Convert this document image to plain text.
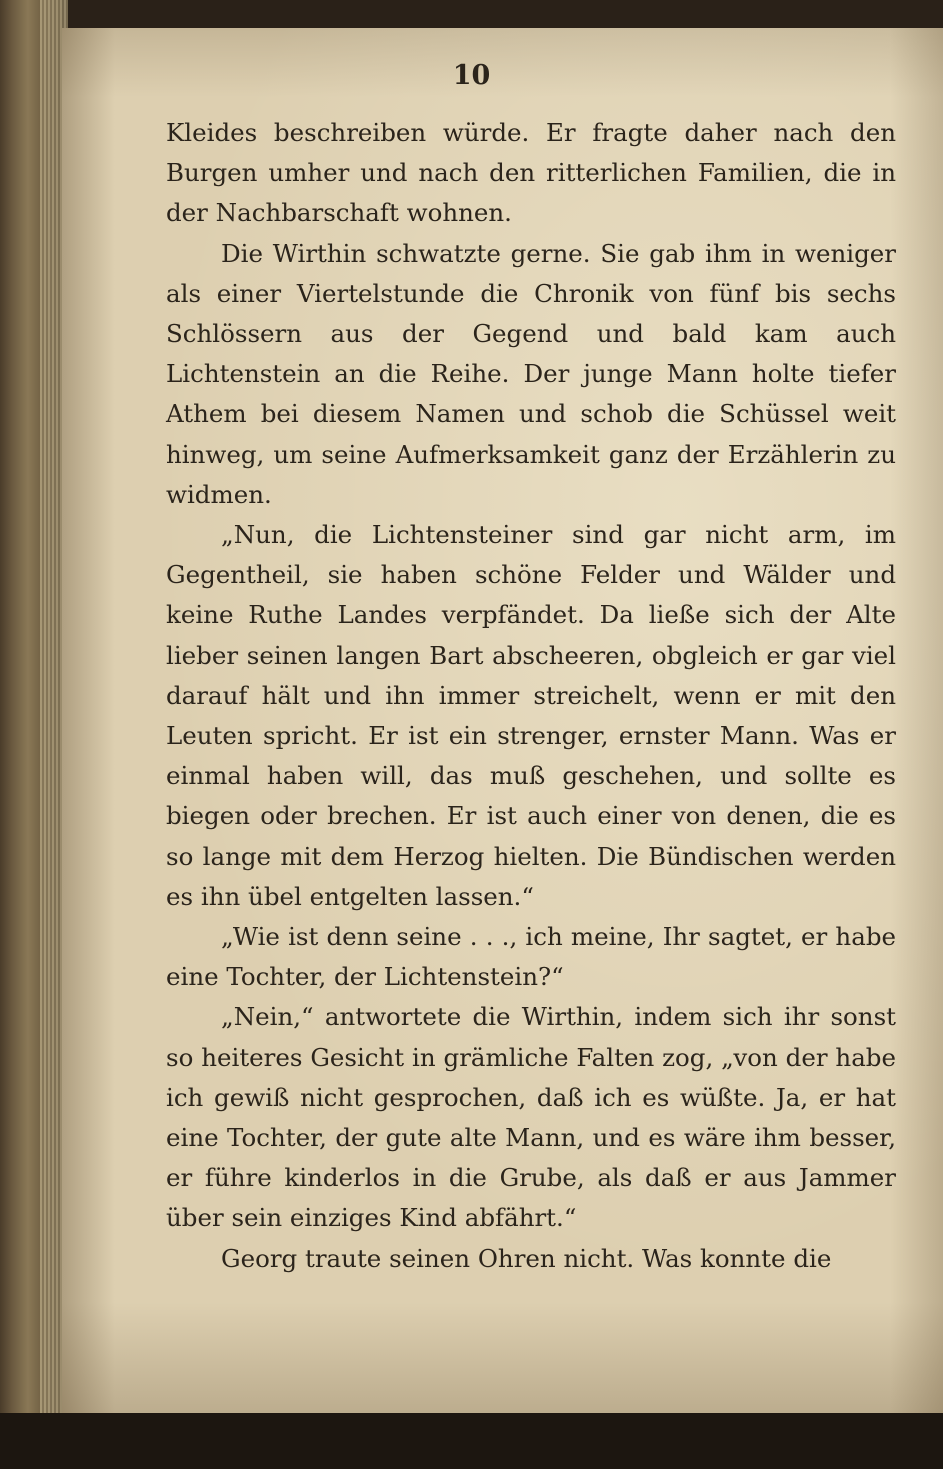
10

Kleides beschreiben würde. Er fragte daher nach den Burgen umher und nach den ritterlichen Familien, die in der Nachbarschaft wohnen.

Die Wirthin schwatzte gerne. Sie gab ihm in weniger als einer Viertelstunde die Chronik von fünf bis sechs Schlössern aus der Gegend und bald kam auch Lichtenstein an die Reihe. Der junge Mann holte tiefer Athem bei diesem Namen und schob die Schüssel weit hinweg, um seine Aufmerksamkeit ganz der Erzählerin zu widmen.

„Nun, die Lichtensteiner sind gar nicht arm, im Gegentheil, sie haben schöne Felder und Wälder und keine Ruthe Landes verpfändet. Da ließe sich der Alte lieber seinen langen Bart abscheeren, obgleich er gar viel darauf hält und ihn immer streichelt, wenn er mit den Leuten spricht. Er ist ein strenger, ernster Mann. Was er einmal haben will, das muß geschehen, und sollte es biegen oder brechen. Er ist auch einer von denen, die es so lange mit dem Herzog hielten. Die Bündischen werden es ihn übel entgelten lassen.“

„Wie ist denn seine . . ., ich meine, Ihr sagtet, er habe eine Tochter, der Lichtenstein?“

„Nein,“ antwortete die Wirthin, indem sich ihr sonst so heiteres Gesicht in grämliche Falten zog, „von der habe ich gewiß nicht gesprochen, daß ich es wüßte. Ja, er hat eine Tochter, der gute alte Mann, und es wäre ihm besser, er führe kinderlos in die Grube, als daß er aus Jammer über sein einziges Kind abfährt.“

Georg traute seinen Ohren nicht. Was konnte die
